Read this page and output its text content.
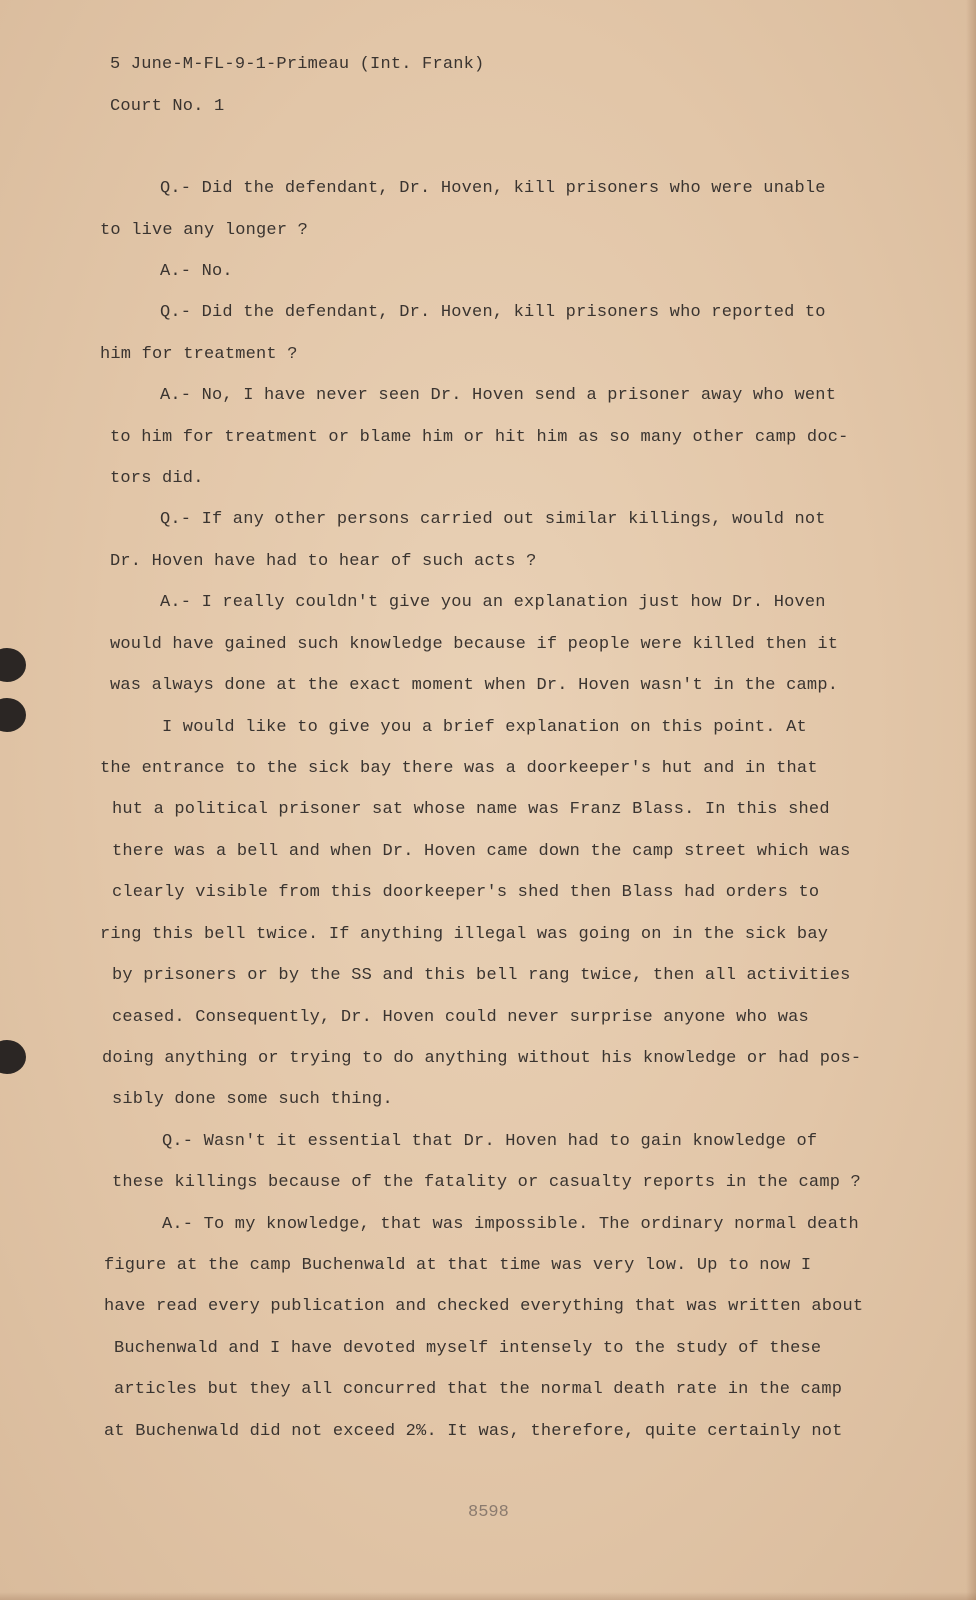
5 June-M-FL-9-1-Primeau (Int. Frank)
Court No. 1
Q.- Did the defendant, Dr. Hoven, kill prisoners who were unable
to live any longer ?
A.- No.
Q.- Did the defendant, Dr. Hoven, kill prisoners who reported to
him for treatment ?
A.- No, I have never seen Dr. Hoven send a prisoner away who went
to him for treatment or blame him or hit him as so many other camp doc-
tors did.
Q.- If any other persons carried out similar killings, would not
Dr. Hoven have had to hear of such acts ?
A.- I really couldn't give you an explanation just how Dr. Hoven
would have gained such knowledge because if people were killed then it
was always done at the exact moment when Dr. Hoven wasn't in the camp.
I would like to give you a brief explanation on this point. At
the entrance to the sick bay there was a doorkeeper's hut and in that
hut a political prisoner sat whose name was Franz Blass. In this shed
there was a bell and when Dr. Hoven came down the camp street which was
clearly visible from this doorkeeper's shed then Blass had orders to
ring this bell twice. If anything illegal was going on in the sick bay
by prisoners or by the SS and this bell rang twice, then all activities
ceased. Consequently, Dr. Hoven could never surprise anyone who was
doing anything or trying to do anything without his knowledge or had pos-
sibly done some such thing.
Q.- Wasn't it essential that Dr. Hoven had to gain knowledge of
these killings because of the fatality or casualty reports in the camp ?
A.- To my knowledge, that was impossible. The ordinary normal death
figure at the camp Buchenwald at that time was very low. Up to now I
have read every publication and checked everything that was written about
Buchenwald and I have devoted myself intensely to the study of these
articles but they all concurred that the normal death rate in the camp
at Buchenwald did not exceed 2%. It was, therefore, quite certainly not
8598
